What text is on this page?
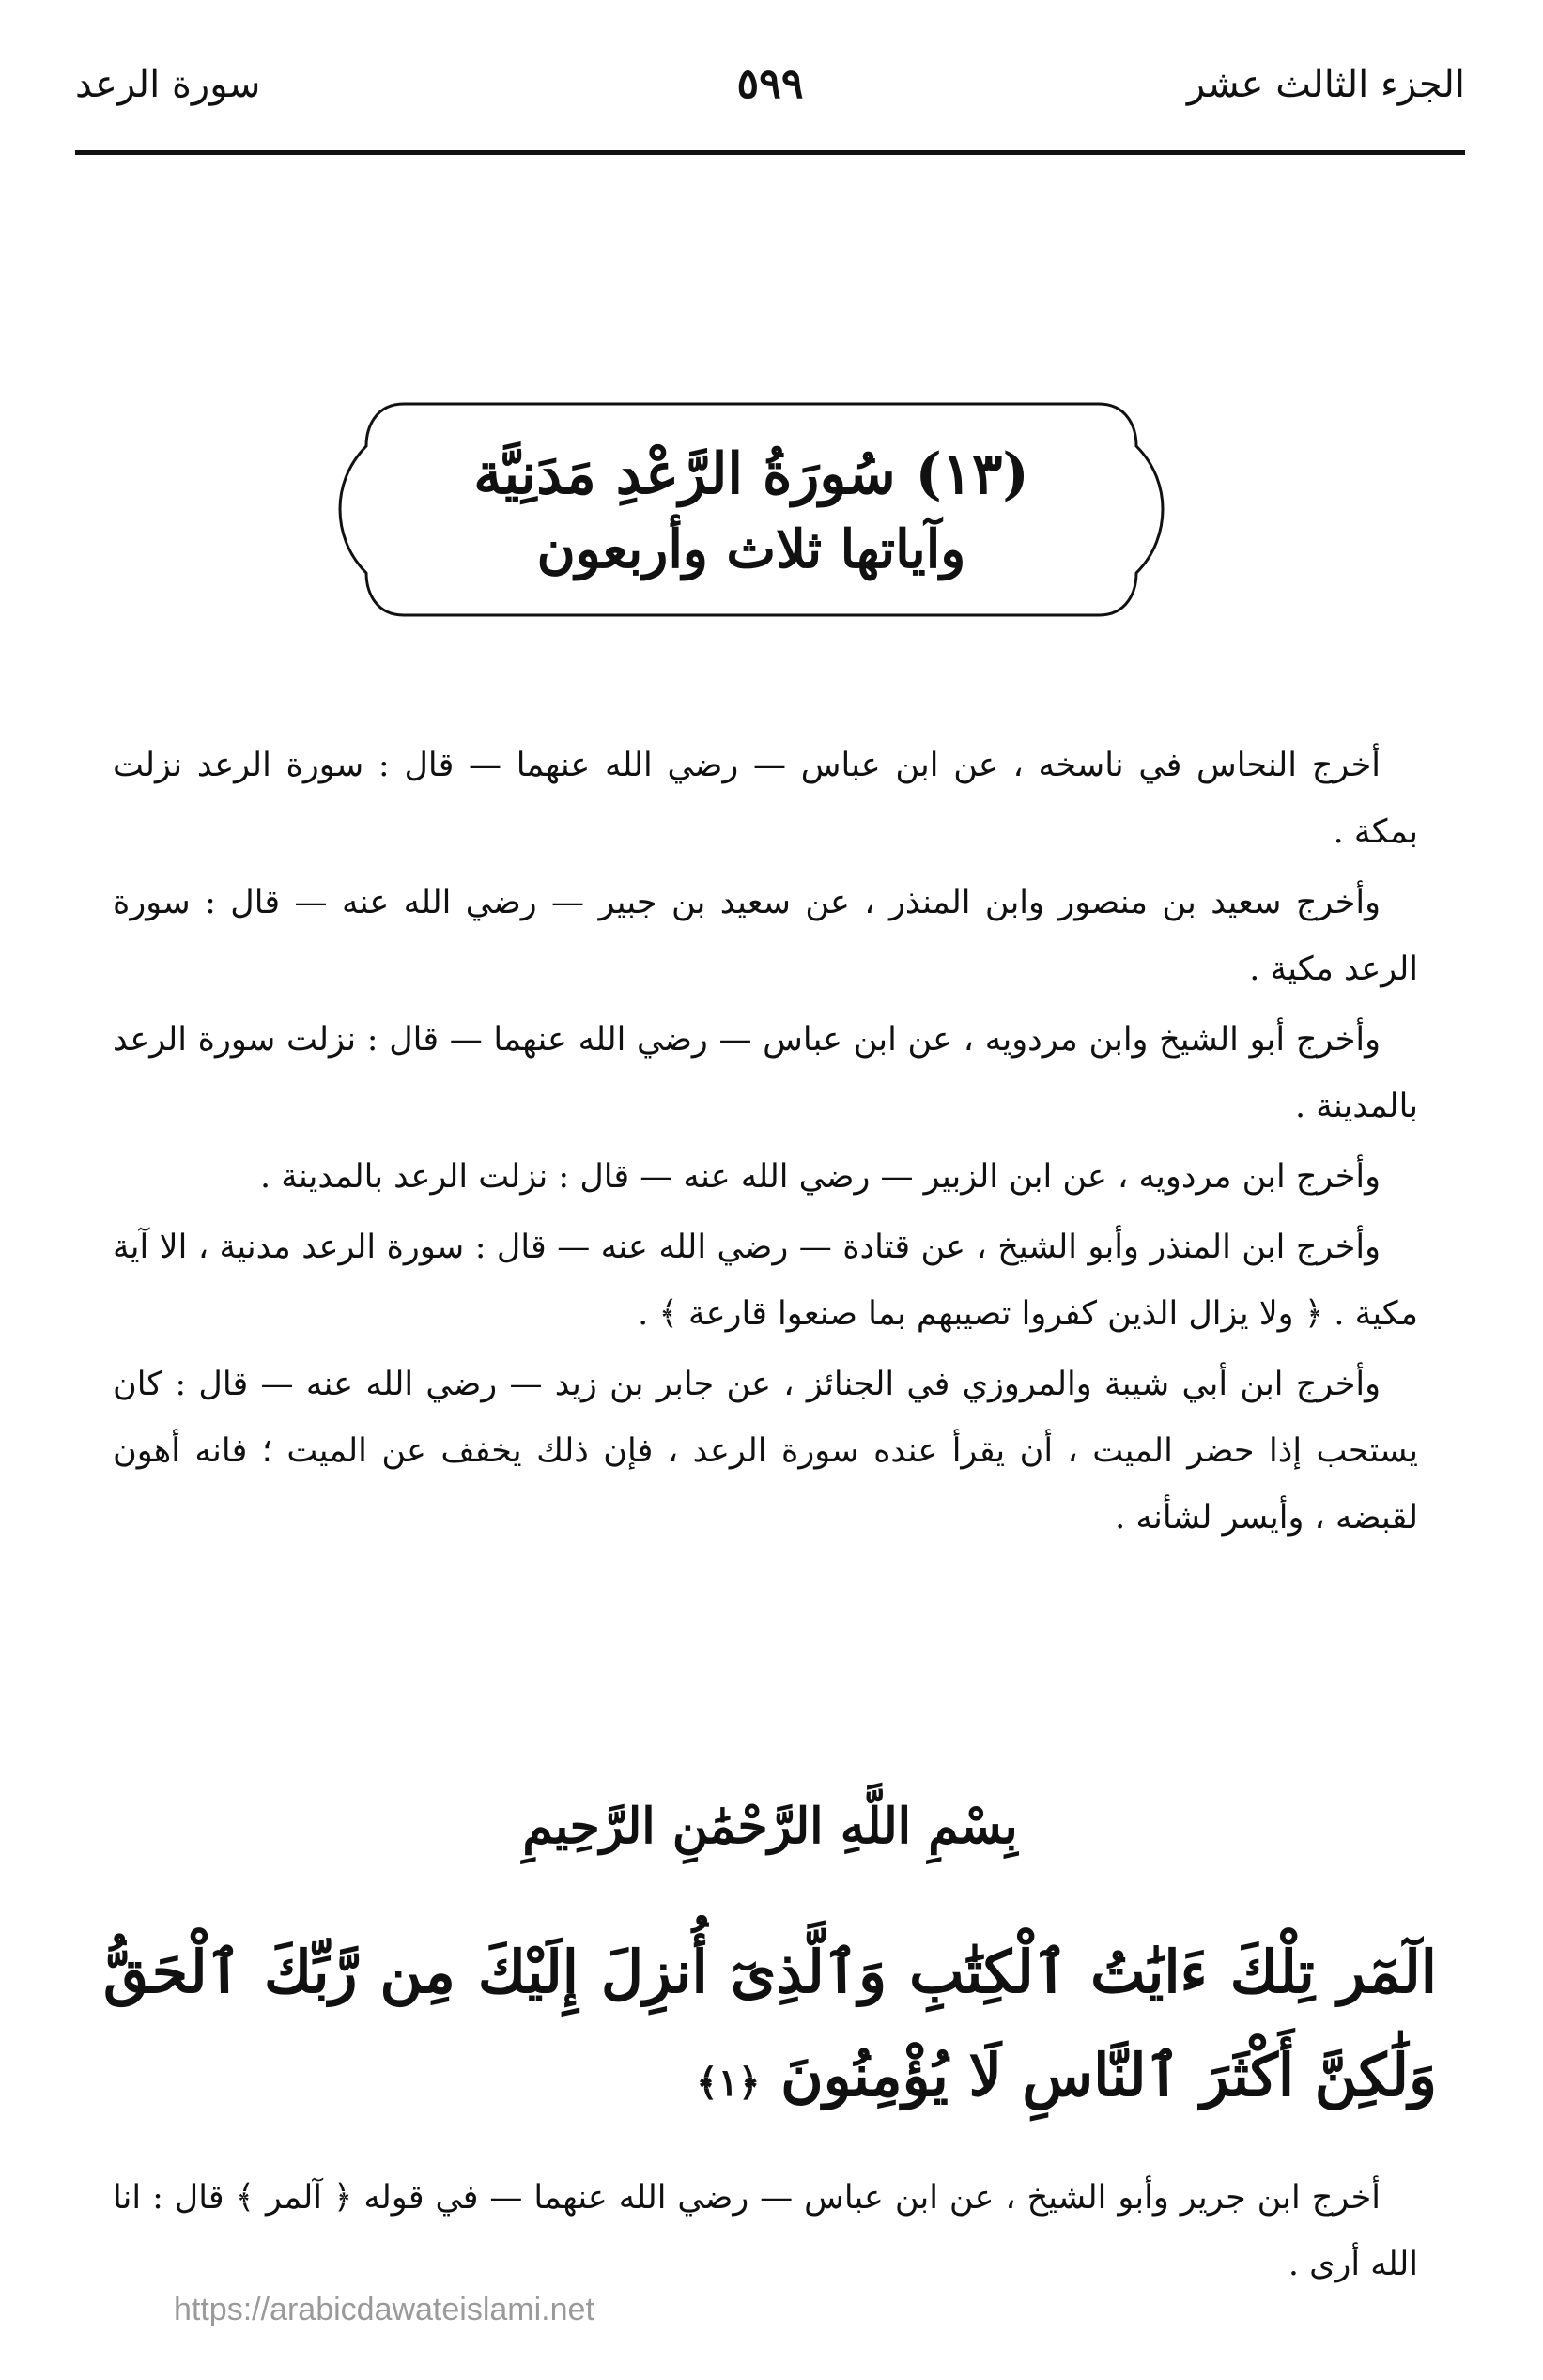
الجزء الثالث عشر
٥٩٩
سورة الرعد
(١٣) سُورَةُ الرَّعْدِ مَدَنِيَّة
وآياتها ثلاث وأربعون

أخرج النحاس في ناسخه ، عن ابن عباس — رضي الله عنهما — قال : سورة الرعد نزلت بمكة .

وأخرج سعيد بن منصور وابن المنذر ، عن سعيد بن جبير — رضي الله عنه — قال : سورة الرعد مكية .

وأخرج أبو الشيخ وابن مردويه ، عن ابن عباس — رضي الله عنهما — قال : نزلت سورة الرعد بالمدينة .

وأخرج ابن مردويه ، عن ابن الزبير — رضي الله عنه — قال : نزلت الرعد بالمدينة .

وأخرج ابن المنذر وأبو الشيخ ، عن قتادة — رضي الله عنه — قال : سورة الرعد مدنية ، الا آية مكية . ﴿ ولا يزال الذين كفروا تصيبهم بما صنعوا قارعة ﴾ .

وأخرج ابن أبي شيبة والمروزي في الجنائز ، عن جابر بن زيد — رضي الله عنه — قال : كان يستحب إذا حضر الميت ، أن يقرأ عنده سورة الرعد ، فإن ذلك يخفف عن الميت ؛ فانه أهون لقبضه ، وأيسر لشأنه .

بِسْمِ اللَّهِ الرَّحْمَٰنِ الرَّحِيمِ
الٓمٓر تِلْكَ ءَايَٰتُ ٱلْكِتَٰبِ وَٱلَّذِىٓ أُنزِلَ إِلَيْكَ مِن رَّبِّكَ ٱلْحَقُّ وَلَٰكِنَّ أَكْثَرَ ٱلنَّاسِ لَا يُؤْمِنُونَ ﴿١﴾

أخرج ابن جرير وأبو الشيخ ، عن ابن عباس — رضي الله عنهما — في قوله ﴿ آلمر ﴾ قال : انا الله أرى .

https://arabicdawateislami.net
